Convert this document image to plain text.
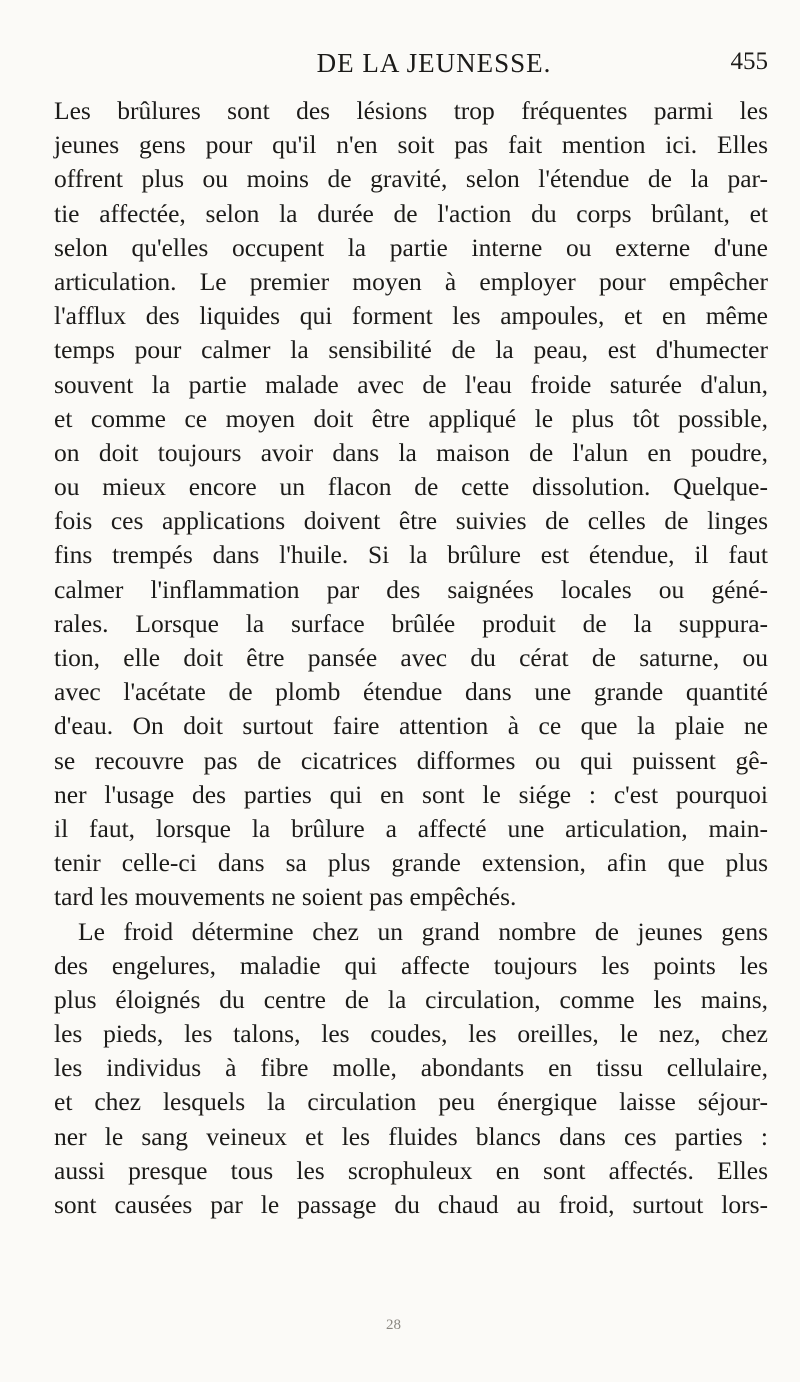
DE LA JEUNESSE.	455
Les brûlures sont des lésions trop fréquentes parmi les
jeunes gens pour qu'il n'en soit pas fait mention ici. Elles
offrent plus ou moins de gravité, selon l'étendue de la par-
tie affectée, selon la durée de l'action du corps brûlant, et
selon qu'elles occupent la partie interne ou externe d'une
articulation. Le premier moyen à employer pour empêcher
l'afflux des liquides qui forment les ampoules, et en même
temps pour calmer la sensibilité de la peau, est d'humecter
souvent la partie malade avec de l'eau froide saturée d'alun,
et comme ce moyen doit être appliqué le plus tôt possible,
on doit toujours avoir dans la maison de l'alun en poudre,
ou mieux encore un flacon de cette dissolution. Quelque-
fois ces applications doivent être suivies de celles de linges
fins trempés dans l'huile. Si la brûlure est étendue, il faut
calmer l'inflammation par des saignées locales ou géné-
rales. Lorsque la surface brûlée produit de la suppura-
tion, elle doit être pansée avec du cérat de saturne, ou
avec l'acétate de plomb étendue dans une grande quantité
d'eau. On doit surtout faire attention à ce que la plaie ne
se recouvre pas de cicatrices difformes ou qui puissent gê-
ner l'usage des parties qui en sont le siége : c'est pourquoi
il faut, lorsque la brûlure a affecté une articulation, main-
tenir celle-ci dans sa plus grande extension, afin que plus
tard les mouvements ne soient pas empêchés.
Le froid détermine chez un grand nombre de jeunes gens
des engelures, maladie qui affecte toujours les points les
plus éloignés du centre de la circulation, comme les mains,
les pieds, les talons, les coudes, les oreilles, le nez, chez
les individus à fibre molle, abondants en tissu cellulaire,
et chez lesquels la circulation peu énergique laisse séjour-
ner le sang veineux et les fluides blancs dans ces parties :
aussi presque tous les scrophuleux en sont affectés. Elles
sont causées par le passage du chaud au froid, surtout lors-
28
